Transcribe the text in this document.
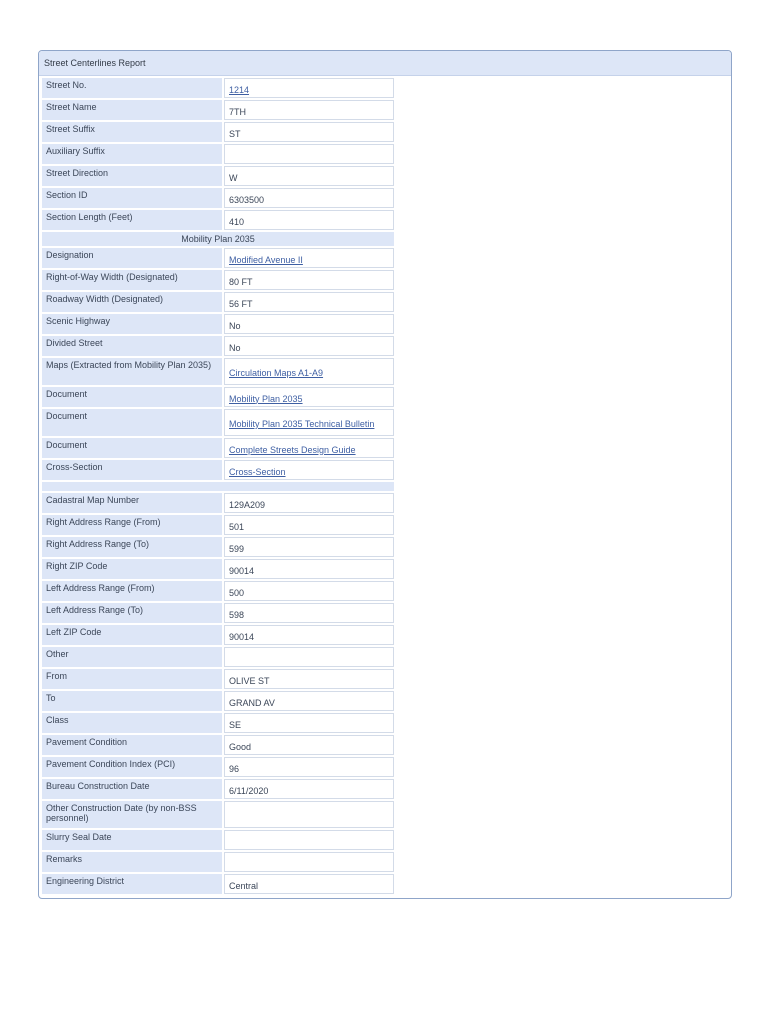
Street Centerlines Report
Street No.	1214
Street Name	7TH
Street Suffix	ST
Auxiliary Suffix	
Street Direction	W
Section ID	6303500
Section Length (Feet)	410
Mobility Plan 2035	
Designation	Modified Avenue II
Right-of-Way Width (Designated)	80 FT
Roadway Width (Designated)	56 FT
Scenic Highway	No
Divided Street	No
Maps (Extracted from Mobility Plan 2035)	Circulation Maps A1-A9
Document	Mobility Plan 2035
Document	Mobility Plan 2035 Technical Bulletin
Document	Complete Streets Design Guide
Cross-Section	Cross-Section

Cadastral Map Number	129A209
Right Address Range (From)	501
Right Address Range (To)	599
Right ZIP Code	90014
Left Address Range (From)	500
Left Address Range (To)	598
Left ZIP Code	90014
Other	
From	OLIVE ST
To	GRAND AV
Class	SE
Pavement Condition	Good
Pavement Condition Index (PCI)	96
Bureau Construction Date	6/11/2020
Other Construction Date (by non-BSS personnel)	
Slurry Seal Date	
Remarks	
Engineering District	Central
